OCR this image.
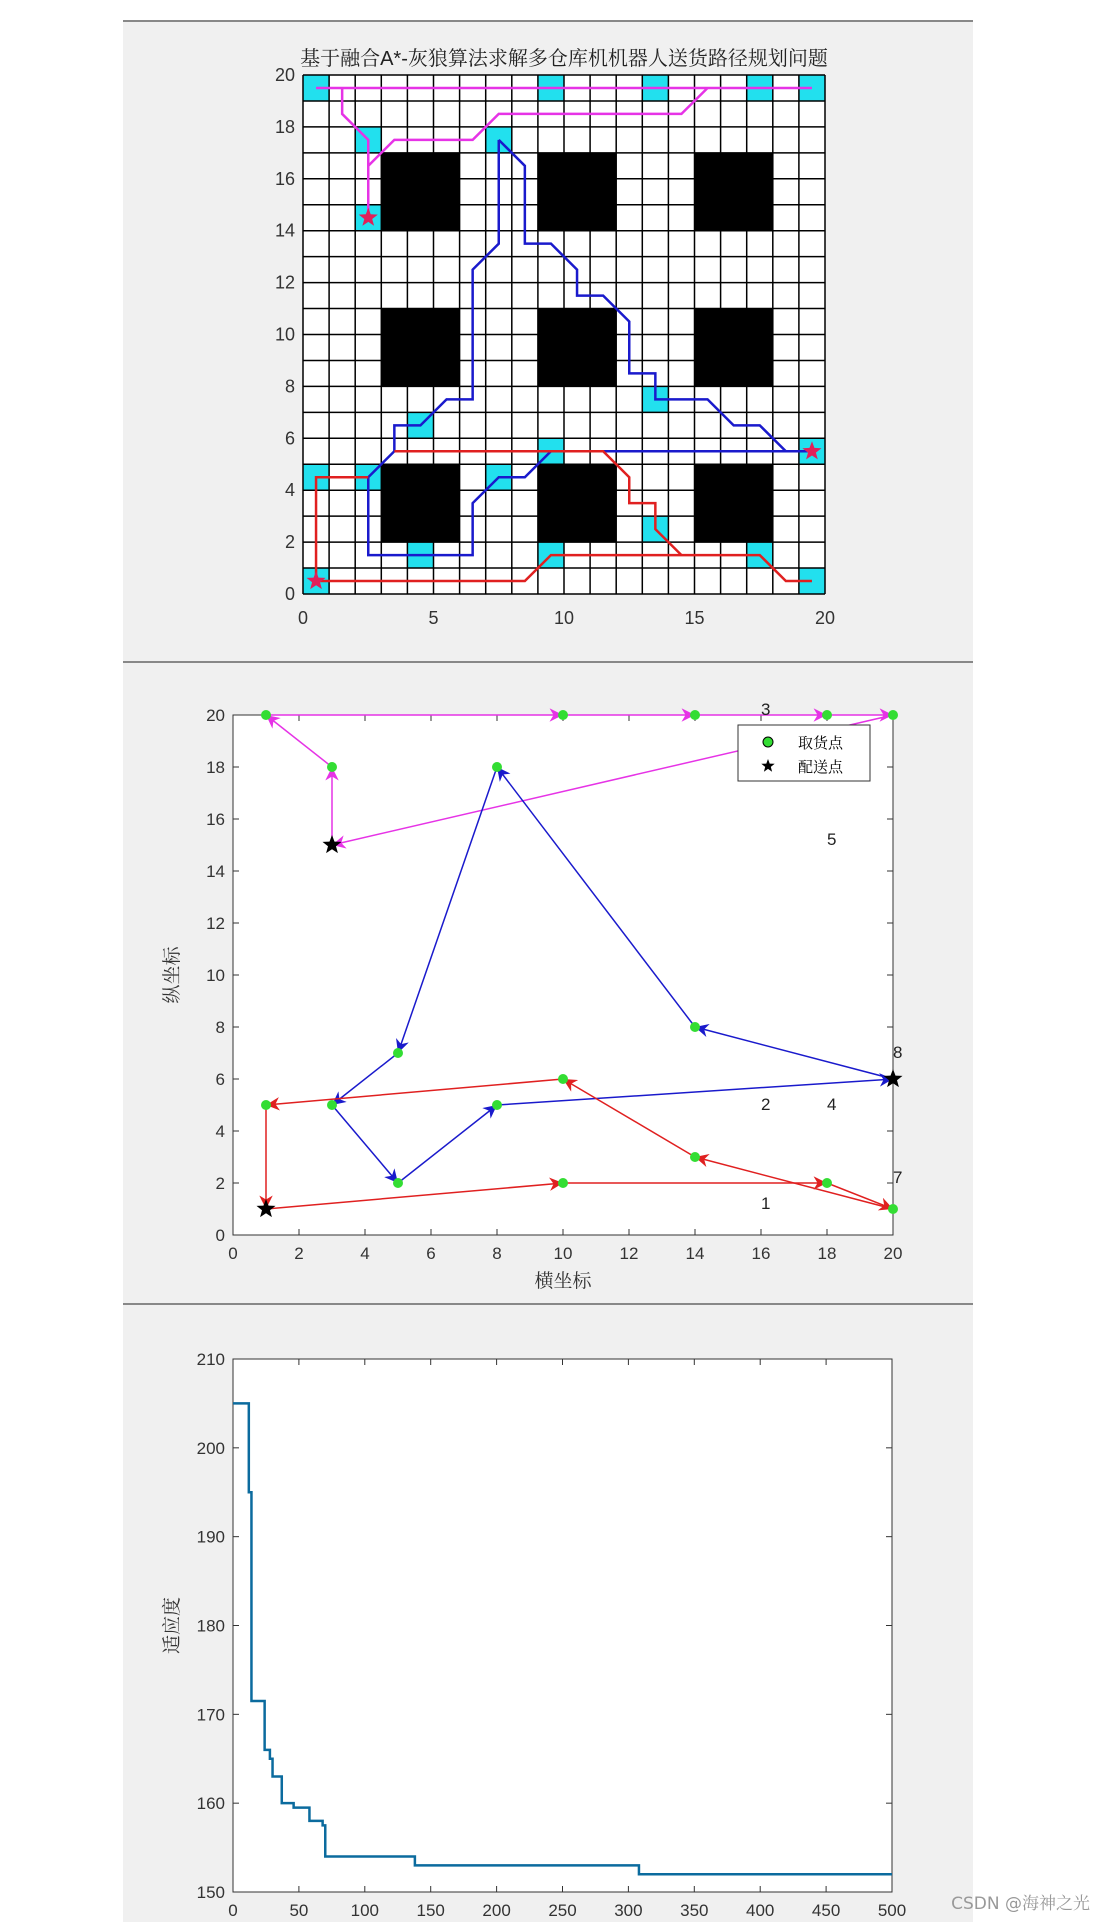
0	5	10	15	20
0
2
4
6
8
10
12
14
16
18
20
基于融合A*-灰狼算法求解多仓库机机器人送货路径规划问题
0	2	4	6	8	10	12	14	16	18	20
0
2
4
6
8
10
12
14
16
18
20	3
5
8
2	4
7
1
取货点
配送点
横坐标
纵坐标
0	50 100 150 200 250 300 350 400 450 500
150
160
170
180
190
200
210
适应度
CSDN @海神之光
